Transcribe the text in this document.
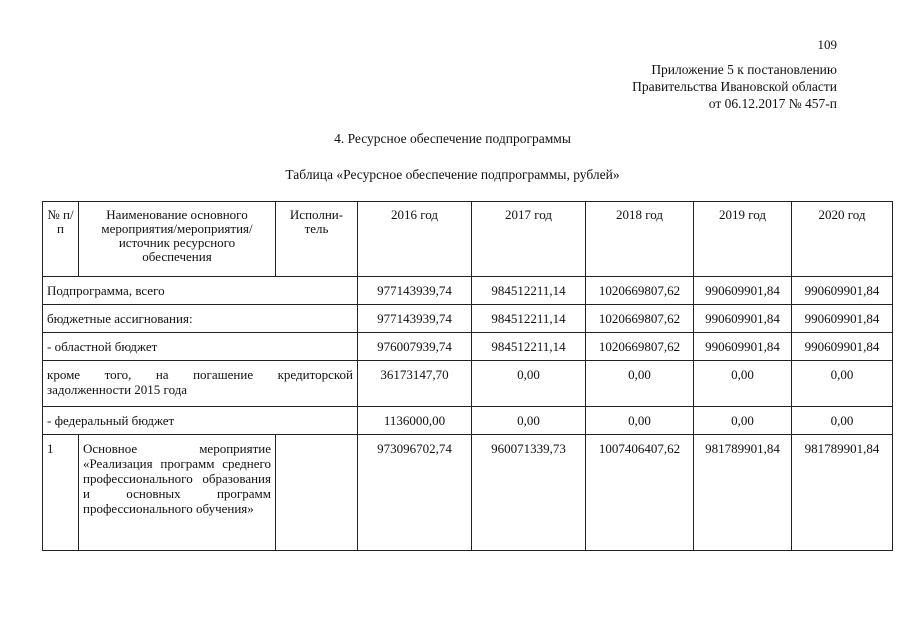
109
Приложение 5 к постановлению
Правительства Ивановской области
от 06.12.2017 № 457-п
4. Ресурсное обеспечение подпрограммы
Таблица «Ресурсное обеспечение подпрограммы, рублей»
№ п/п	Наименование основного мероприятия/мероприятия/ источник ресурсного обеспечения	Исполни-тель	2016 год	2017 год	2018 год	2019 год	2020 год
Подпрограмма, всего			977143939,74	984512211,14	1020669807,62	990609901,84	990609901,84
бюджетные ассигнования:			977143939,74	984512211,14	1020669807,62	990609901,84	990609901,84
- областной бюджет			976007939,74	984512211,14	1020669807,62	990609901,84	990609901,84
кроме того, на погашение кредиторской задолженности 2015 года			36173147,70	0,00	0,00	0,00	0,00
- федеральный бюджет			1136000,00	0,00	0,00	0,00	0,00
1	Основное мероприятие «Реализация программ среднего профессионального образования и основных программ профессионального обучения»		973096702,74	960071339,73	1007406407,62	981789901,84	981789901,84
